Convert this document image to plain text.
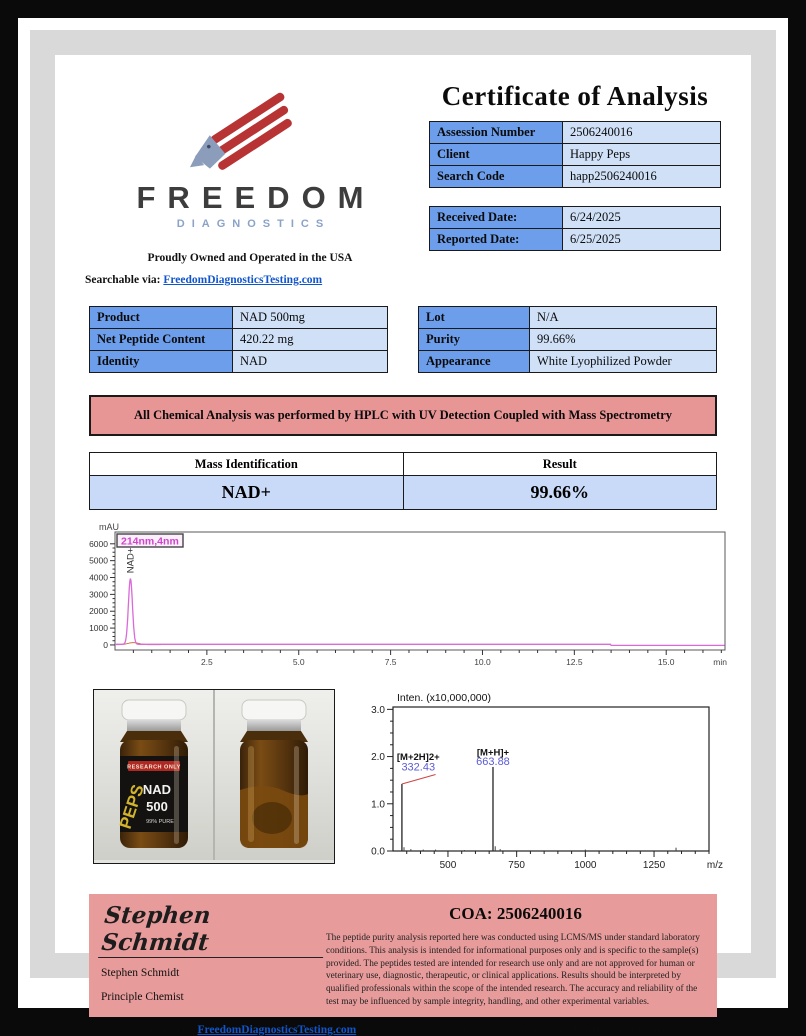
FREEDOM
DIAGNOSTICS
Proudly Owned and Operated in the USA
Searchable via: FreedomDiagnosticsTesting.com
Certificate of Analysis
Assession Number	2506240016
Client	Happy Peps
Search Code	happ2506240016
Received Date:	6/24/2025
Reported Date:	6/25/2025
Product	NAD 500mg
Net Peptide Content	420.22 mg
Identity	NAD
Lot	N/A
Purity	99.66%
Appearance	White Lyophilized Powder
All Chemical Analysis was performed by HPLC with UV Detection Coupled with Mass Spectrometry
Mass Identification	Result
NAD+	99.66%
mAU
0
1000
2000
3000
4000
5000
6000
2.5	5.0	7.5	10.0	12.5	15.0	min
NAD+
214nm,4nm
RESEARCH ONLY
PEPS
NAD
500
99% PURE
Inten. (x10,000,000)
0.0
1.0
2.0
3.0
500	750	1000	1250	m/z
[M+2H]2+
332.43
[M+H]+
663.88
Stephen Schmidt
Stephen Schmidt
Principle Chemist
COA: 2506240016
The peptide purity analysis reported here was conducted using LCMS/MS under standard laboratory conditions. This analysis is intended for informational purposes only and is specific to the sample(s) provided. The peptides tested are intended for research use only and are not approved for human or veterinary use, diagnostic, therapeutic, or clinical applications. Results should be interpreted by qualified professionals within the scope of the intended research. The accuracy and reliability of the test may be influenced by sample integrity, handling, and other experimental variables.
Searchable via: FreedomDiagnosticsTesting.com	Contact at: Admin@FreedomDiagnostics.net
